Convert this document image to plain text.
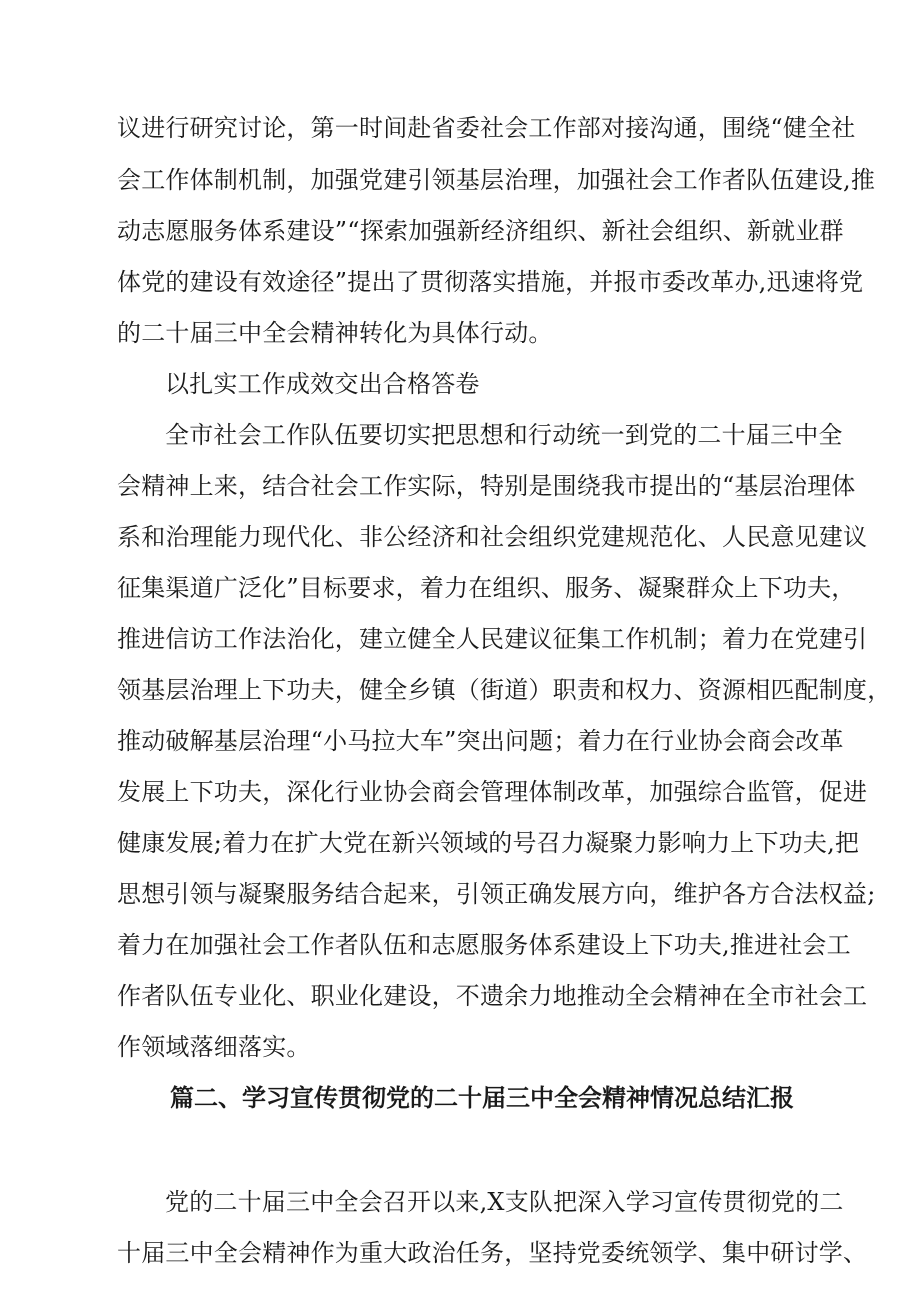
议进行研究讨论，第一时间赴省委社会工作部对接沟通，围绕“健全社
会工作体制机制，加强党建引领基层治理，加强社会工作者队伍建设,推
动志愿服务体系建设”“探索加强新经济组织、新社会组织、新就业群
体党的建设有效途径”提出了贯彻落实措施，并报市委改革办,迅速将党
的二十届三中全会精神转化为具体行动。
以扎实工作成效交出合格答卷
全市社会工作队伍要切实把思想和行动统一到党的二十届三中全
会精神上来，结合社会工作实际，特别是围绕我市提出的“基层治理体
系和治理能力现代化、非公经济和社会组织党建规范化、人民意见建议
征集渠道广泛化”目标要求，着力在组织、服务、凝聚群众上下功夫，
推进信访工作法治化，建立健全人民建议征集工作机制；着力在党建引
领基层治理上下功夫，健全乡镇（街道）职责和权力、资源相匹配制度，
推动破解基层治理“小马拉大车”突出问题；着力在行业协会商会改革
发展上下功夫，深化行业协会商会管理体制改革，加强综合监管，促进
健康发展;着力在扩大党在新兴领域的号召力凝聚力影响力上下功夫,把
思想引领与凝聚服务结合起来，引领正确发展方向，维护各方合法权益;
着力在加强社会工作者队伍和志愿服务体系建设上下功夫,推进社会工
作者队伍专业化、职业化建设，不遗余力地推动全会精神在全市社会工
作领域落细落实。
篇二、学习宣传贯彻党的二十届三中全会精神情况总结汇报
党的二十届三中全会召开以来,X支队把深入学习宣传贯彻党的二
十届三中全会精神作为重大政治任务，坚持党委统领学、集中研讨学、
